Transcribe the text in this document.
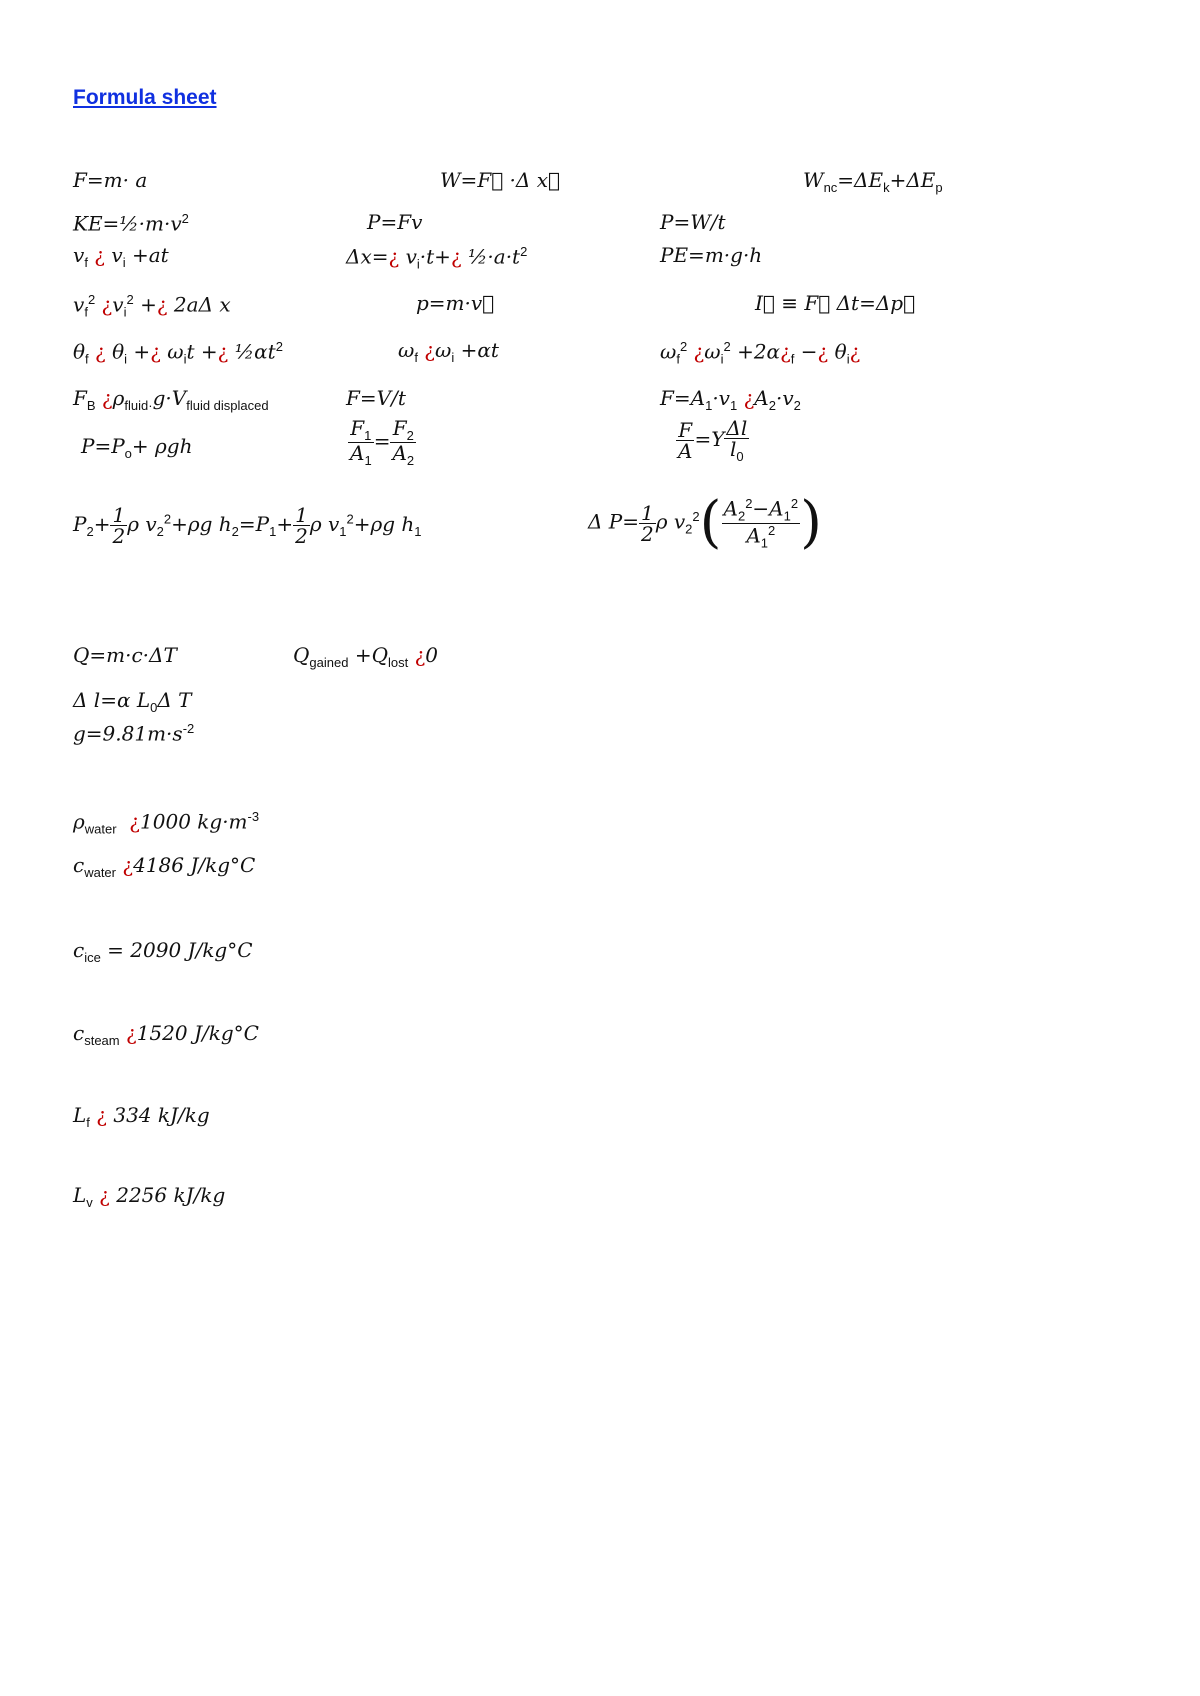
Formula sheet
F=m· a	W=F⃗ ·Δ x⃗	$W_{nc}=\Delta E_k+\Delta E_p$
$KE=\frac{1}{2}\cdot m\cdot v^2$	P=Fv	P=W/t
$v_f$ ¿ $v_i +at$	Δx=¿ $v_i\cdot t+¿$ $\frac{1}{2}\cdot a\cdot t^2$	PE=m·g·h
$v_f^2$ ¿$v_i^2$ +¿ 2aΔ x	p=m·v⃗	I⃗ ≡ F⃗ Δt=Δp⃗
$\theta_f$ ¿ $\theta_i$ +¿ $\omega_it$ +¿ $\frac{1}{2}\alpha t^2$	$\omega_f$ ¿$\omega_i +\alpha t$	$\omega_f^2$ ¿$\omega_i^2$ $+2\alpha¿_f$ −¿ $\theta_i¿$
$F_B$ ¿$\rho_{fluid\cdot}g\cdot V_{fluid displaced}$	F=V/t	$F=A_1\cdot v_1$ ¿$A_2\cdot v_2$
$P=P_o+ \rho gh$	$\frac{F_1}{A_1} = \frac{F_2}{A_2}$	$\frac{F}{A} =Y \frac{\Delta l}{l_0}$
$P_2+ \frac{1}{2}$ ρ $v_2^2+\rho g$ $h_2=P_1+ \frac{1}{2}$ ρ $v_1^2+\rho g$ $h_1$	Δ $P= \frac{1}{2}$ ρ $v_2^2( \frac{A_2^2-A_1^2}{A_1^2}$ )
Q=m·c·ΔT	$Q_{gained} +Q_{lost}$ ¿0
Δ l=α $L_0\Delta$ T
$g=9.81m\cdot s^{-2}$
$\rho_{water}$ ¿1000 $kg\cdot m^{-3}$
$c_{water}$ ¿4186 J/kg°C
$c_{ice} = 2090$ J/kg°C
$c_{steam}$ ¿1520 J/kg°C
$L_f$ ¿ 334 kJ/kg
$L_v$ ¿ 2256 kJ/kg
